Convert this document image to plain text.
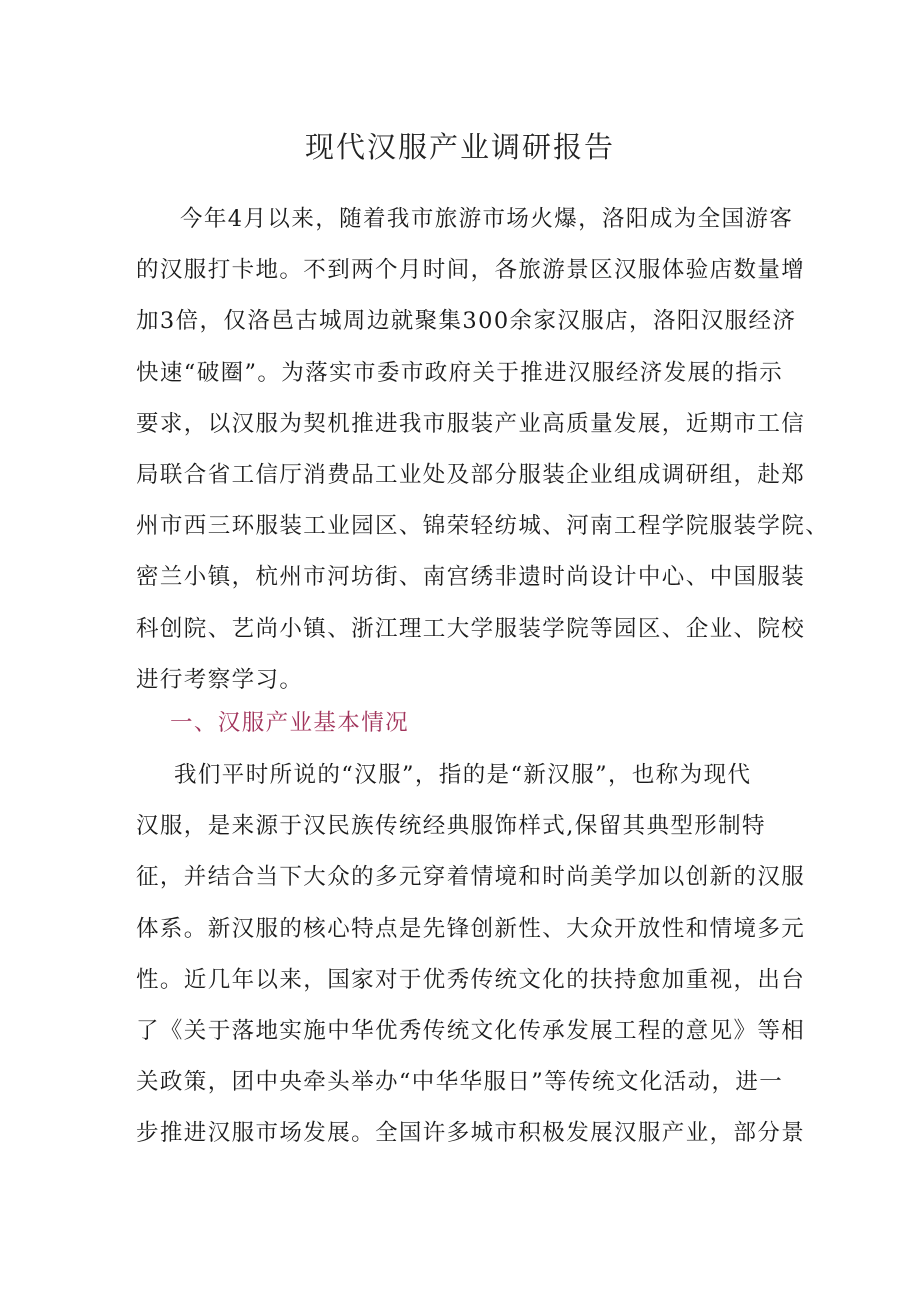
现代汉服产业调研报告
今年4月以来，随着我市旅游市场火爆，洛阳成为全国游客
的汉服打卡地。不到两个月时间，各旅游景区汉服体验店数量增
加3倍，仅洛邑古城周边就聚集300余家汉服店，洛阳汉服经济
快速“破圈”。为落实市委市政府关于推进汉服经济发展的指示
要求，以汉服为契机推进我市服装产业高质量发展，近期市工信
局联合省工信厅消费品工业处及部分服装企业组成调研组，赴郑
州市西三环服装工业园区、锦荣轻纺城、河南工程学院服装学院、
密兰小镇，杭州市河坊街、南宫绣非遗时尚设计中心、中国服装
科创院、艺尚小镇、浙江理工大学服装学院等园区、企业、院校
进行考察学习。
一、汉服产业基本情况
我们平时所说的“汉服”，指的是“新汉服”，也称为现代
汉服，是来源于汉民族传统经典服饰样式,保留其典型形制特
征，并结合当下大众的多元穿着情境和时尚美学加以创新的汉服
体系。新汉服的核心特点是先锋创新性、大众开放性和情境多元
性。近几年以来，国家对于优秀传统文化的扶持愈加重视，出台
了《关于落地实施中华优秀传统文化传承发展工程的意见》等相
关政策，团中央牵头举办“中华华服日”等传统文化活动，进一
步推进汉服市场发展。全国许多城市积极发展汉服产业，部分景
